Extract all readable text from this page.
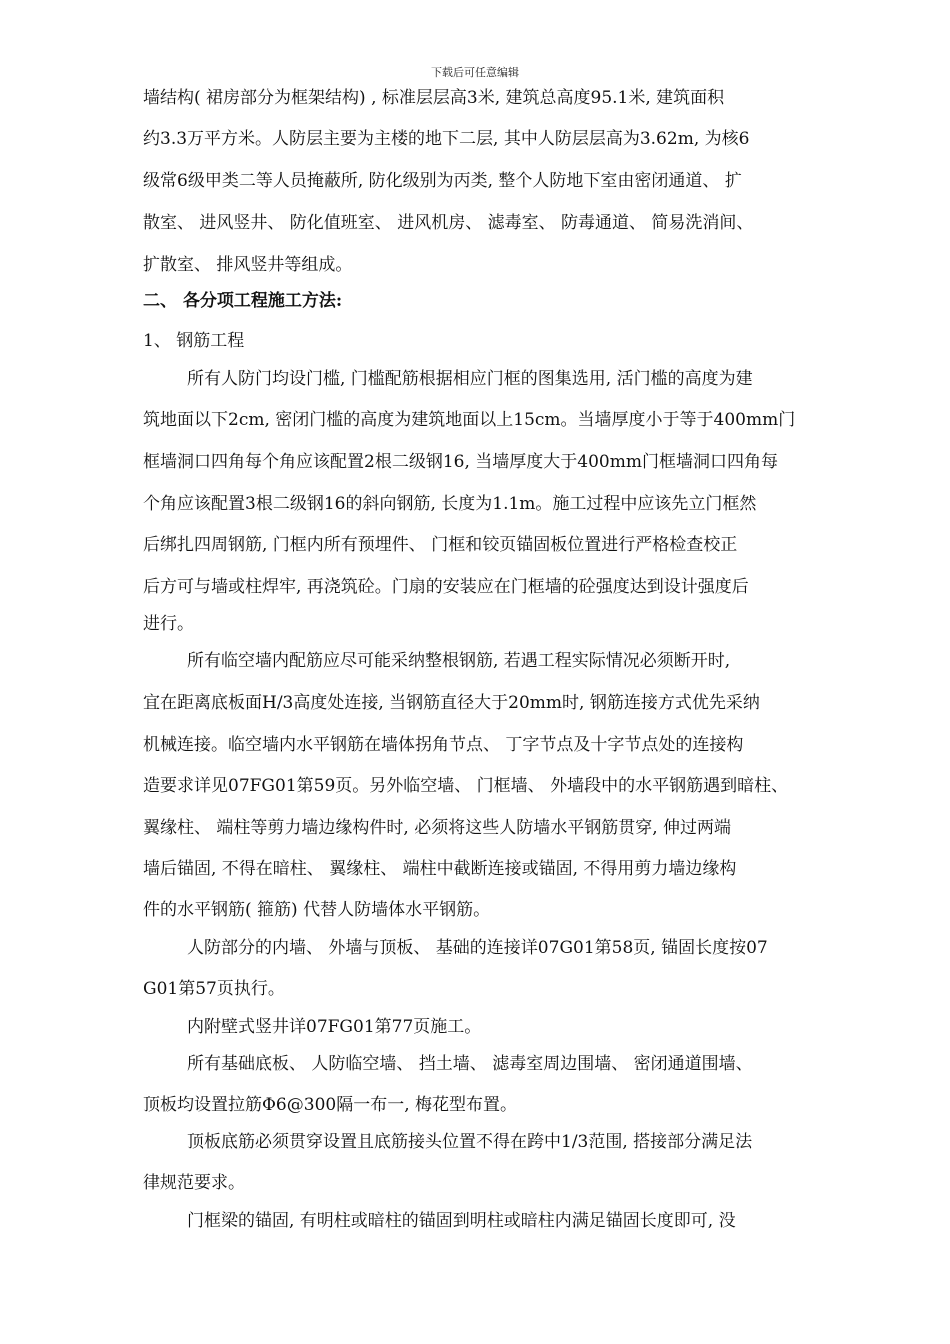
下载后可任意编辑
墙结构( 裙房部分为框架结构) , 标准层层高3米, 建筑总高度95.1米, 建筑面积
约3.3万平方米。人防层主要为主楼的地下二层, 其中人防层层高为3.62m, 为核6
级常6级甲类二等人员掩蔽所, 防化级别为丙类, 整个人防地下室由密闭通道、 扩
散室、 进风竖井、 防化值班室、 进风机房、 滤毒室、 防毒通道、 简易洗消间、
扩散室、 排风竖井等组成。
二、 各分项工程施工方法:
1、 钢筋工程
所有人防门均设门槛, 门槛配筋根据相应门框的图集选用, 活门槛的高度为建
筑地面以下2cm, 密闭门槛的高度为建筑地面以上15cm。当墙厚度小于等于400mm门
框墙洞口四角每个角应该配置2根二级钢16, 当墙厚度大于400mm门框墙洞口四角每
个角应该配置3根二级钢16的斜向钢筋, 长度为1.1m。施工过程中应该先立门框然
后绑扎四周钢筋, 门框内所有预埋件、 门框和铰页锚固板位置进行严格检查校正
后方可与墙或柱焊牢, 再浇筑砼。门扇的安装应在门框墙的砼强度达到设计强度后
进行。
所有临空墙内配筋应尽可能采纳整根钢筋, 若遇工程实际情况必须断开时,
宜在距离底板面H/3高度处连接, 当钢筋直径大于20mm时, 钢筋连接方式优先采纳
机械连接。临空墙内水平钢筋在墙体拐角节点、 丁字节点及十字节点处的连接构
造要求详见07FG01第59页。另外临空墙、 门框墙、 外墙段中的水平钢筋遇到暗柱、
翼缘柱、 端柱等剪力墙边缘构件时, 必须将这些人防墙水平钢筋贯穿, 伸过两端
墙后锚固, 不得在暗柱、 翼缘柱、 端柱中截断连接或锚固, 不得用剪力墙边缘构
件的水平钢筋( 箍筋) 代替人防墙体水平钢筋。
人防部分的内墙、 外墙与顶板、 基础的连接详07G01第58页, 锚固长度按07
G01第57页执行。
内附壁式竖井详07FG01第77页施工。
所有基础底板、 人防临空墙、 挡土墙、 滤毒室周边围墙、 密闭通道围墙、
顶板均设置拉筋Φ6@300隔一布一, 梅花型布置。
顶板底筋必须贯穿设置且底筋接头位置不得在跨中1/3范围, 搭接部分满足法
律规范要求。
门框梁的锚固, 有明柱或暗柱的锚固到明柱或暗柱内满足锚固长度即可, 没
